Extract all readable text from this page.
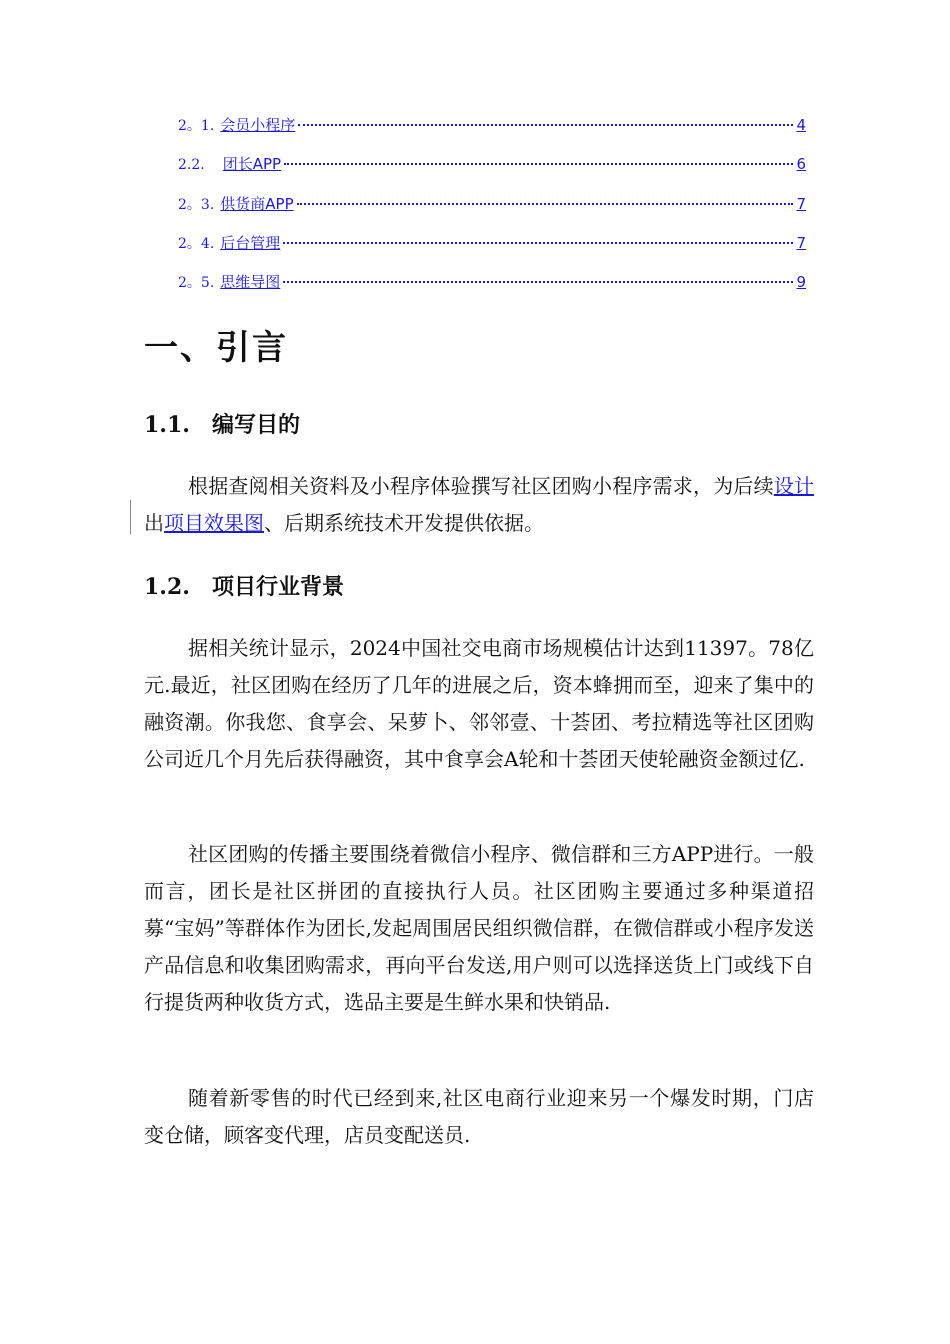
2。1. 会员小程序	4
2.2. 团长APP	6
2。3. 供货商APP	7
2。4. 后台管理	7
2。5. 思维导图	9
一、引言
1.1. 编写目的

根据查阅相关资料及小程序体验撰写社区团购小程序需求，为后续设计出项目效果图、后期系统技术开发提供依据。

1.2. 项目行业背景

据相关统计显示，2024中国社交电商市场规模估计达到11397。78亿元.最近，社区团购在经历了几年的进展之后，资本蜂拥而至，迎来了集中的融资潮。你我您、食享会、呆萝卜、邻邻壹、十荟团、考拉精选等社区团购公司近几个月先后获得融资，其中食享会A轮和十荟团天使轮融资金额过亿.

社区团购的传播主要围绕着微信小程序、微信群和三方APP进行。一般而言，团长是社区拼团的直接执行人员。社区团购主要通过多种渠道招募“宝妈”等群体作为团长,发起周围居民组织微信群，在微信群或小程序发送产品信息和收集团购需求，再向平台发送,用户则可以选择送货上门或线下自行提货两种收货方式，选品主要是生鲜水果和快销品.

随着新零售的时代已经到来,社区电商行业迎来另一个爆发时期，门店变仓储，顾客变代理，店员变配送员.
